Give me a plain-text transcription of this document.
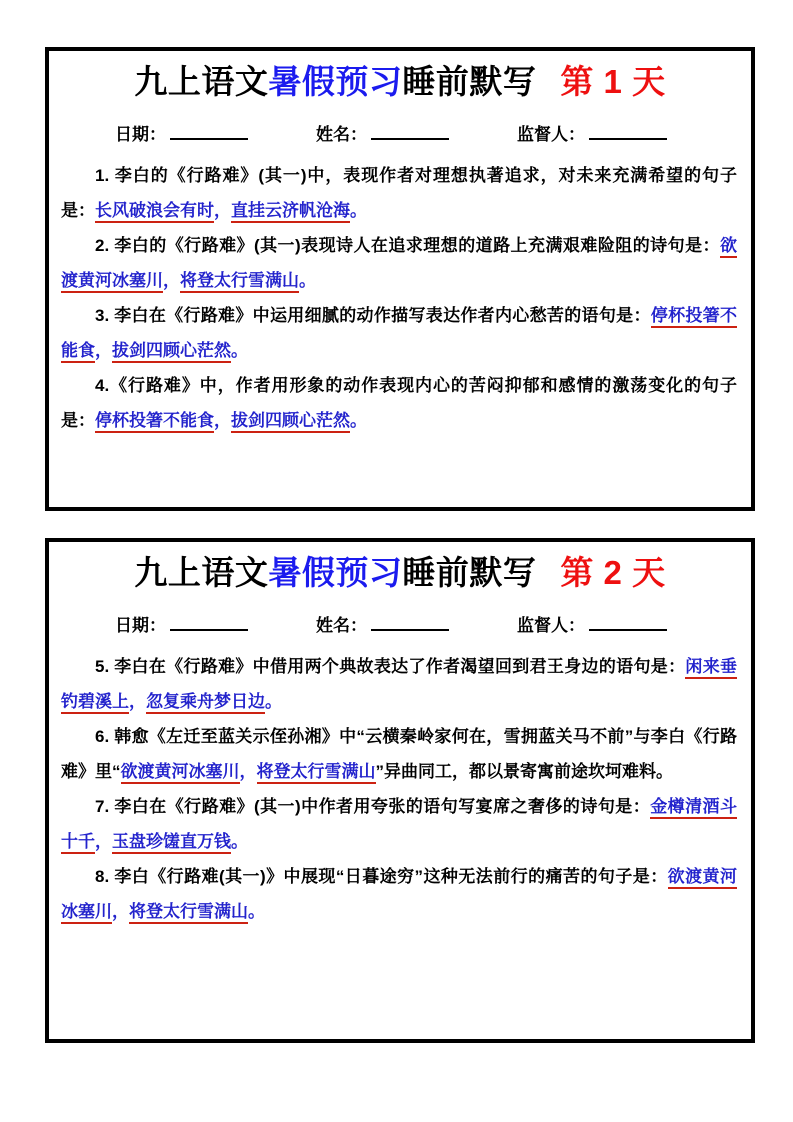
九上语文暑假预习睡前默写 第 1 天
日期：	姓名：	监督人：

1. 李白的《行路难》(其一)中，表现作者对理想执著追求，对未来充满希望的句子是：长风破浪会有时，直挂云济帆沧海。

2. 李白的《行路难》(其一)表现诗人在追求理想的道路上充满艰难险阻的诗句是：欲渡黄河冰塞川，将登太行雪满山。

3. 李白在《行路难》中运用细腻的动作描写表达作者内心愁苦的语句是：停杯投箸不能食，拔剑四顾心茫然。

4.《行路难》中，作者用形象的动作表现内心的苦闷抑郁和感情的激荡变化的句子是：停杯投箸不能食，拔剑四顾心茫然。

九上语文暑假预习睡前默写 第 2 天
日期：	姓名：	监督人：

5. 李白在《行路难》中借用两个典故表达了作者渴望回到君王身边的语句是：闲来垂钓碧溪上，忽复乘舟梦日边。

6. 韩愈《左迁至蓝关示侄孙湘》中“云横秦岭家何在，雪拥蓝关马不前”与李白《行路难》里“欲渡黄河冰塞川，将登太行雪满山”异曲同工，都以景寄寓前途坎坷难料。

7. 李白在《行路难》(其一)中作者用夸张的语句写宴席之奢侈的诗句是：金樽清酒斗十千，玉盘珍馐直万钱。

8. 李白《行路难(其一)》中展现“日暮途穷”这种无法前行的痛苦的句子是：欲渡黄河冰塞川，将登太行雪满山。
